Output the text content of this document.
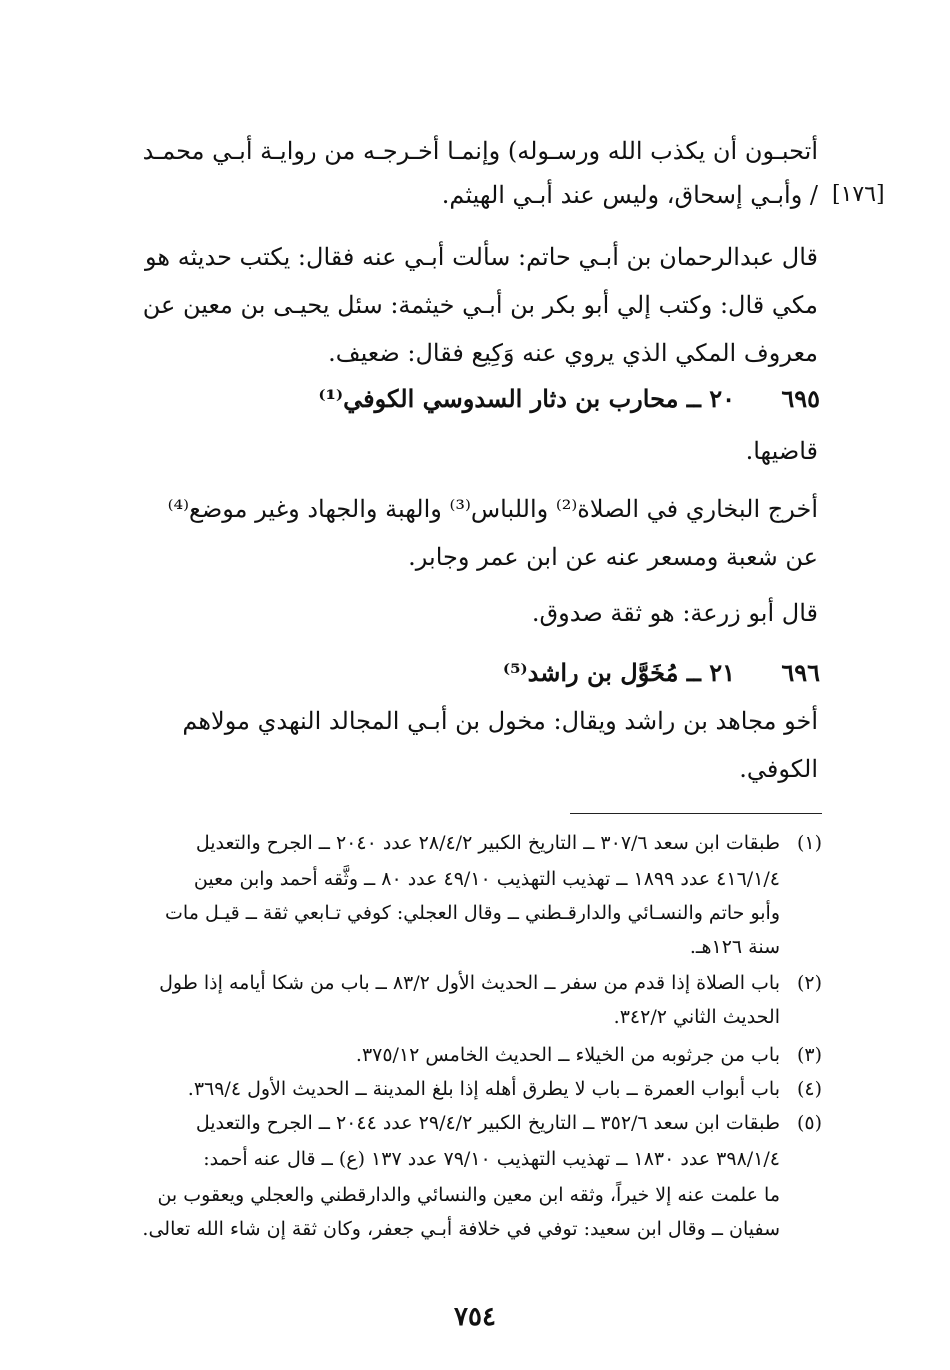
أتحبـون أن يكذب الله ورسـوله) وإنمـا أخـرجـه من روايـة أبـي محمـد
/ وأبـي إسحاق، وليس عند أبـي الهيثم. [١٧٦]
قال عبدالرحمان بن أبـي حاتم: سألت أبـي عنه فقال: يكتب حديثه هو
مكي قال: وكتب إلي أبو بكر بن أبـي خيثمة: سئل يحيـى بن معين عن
معروف المكي الذي يروي عنه وَكِيع فقال: ضعيف.
٦٩٥
٢٠ ــ محارب بن دثار السدوسي الكوفي⁽¹⁾
قاضيها.
أخرج البخاري في الصلاة⁽²⁾ واللباس⁽³⁾ والهبة والجهاد وغير موضع⁽⁴⁾
عن شعبة ومسعر عنه عن ابن عمر وجابر.
قال أبو زرعة: هو ثقة صدوق.
٦٩٦
٢١ ــ مُخَوَّل بن راشد⁽⁵⁾
أخو مجاهد بن راشد ويقال: مخول بن أبـي المجالد النهدي مولاهم
الكوفي.
(١)
طبقات ابن سعد ٣٠٧/٦ ــ التاريخ الكبير ٢٨/٤/٢ عدد ٢٠٤٠ ــ الجرح والتعديل
٤١٦/١/٤ عدد ١٨٩٩ ــ تهذيب التهذيب ٤٩/١٠ عدد ٨٠ ــ وثَّقه أحمد وابن معين
وأبو حاتم والنسـائي والدارقـطني ــ وقال العجلي: كوفي تـابعي ثقة ــ قيـل مات
سنة ١٢٦هـ.
(٢)
باب الصلاة إذا قدم من سفر ــ الحديث الأول ٨٣/٢ ــ باب من شكا أيامه إذا طول
الحديث الثاني ٣٤٢/٢.
(٣)
باب من جرثوبه من الخيلاء ــ الحديث الخامس ٣٧٥/١٢.
(٤)
باب أبواب العمرة ــ باب لا يطرق أهله إذا بلغ المدينة ــ الحديث الأول ٣٦٩/٤.
(٥)
طبقات ابن سعد ٣٥٢/٦ ــ التاريخ الكبير ٢٩/٤/٢ عدد ٢٠٤٤ ــ الجرح والتعديل
٣٩٨/١/٤ عدد ١٨٣٠ ــ تهذيب التهذيب ٧٩/١٠ عدد ١٣٧ (ع) ــ قال عنه أحمد:
ما علمت عنه إلا خيراً، وثقه ابن معين والنسائي والدارقطني والعجلي ويعقوب بن
سفيان ــ وقال ابن سعيد: توفي في خلافة أبـي جعفر، وكان ثقة إن شاء الله تعالى.
٧٥٤
